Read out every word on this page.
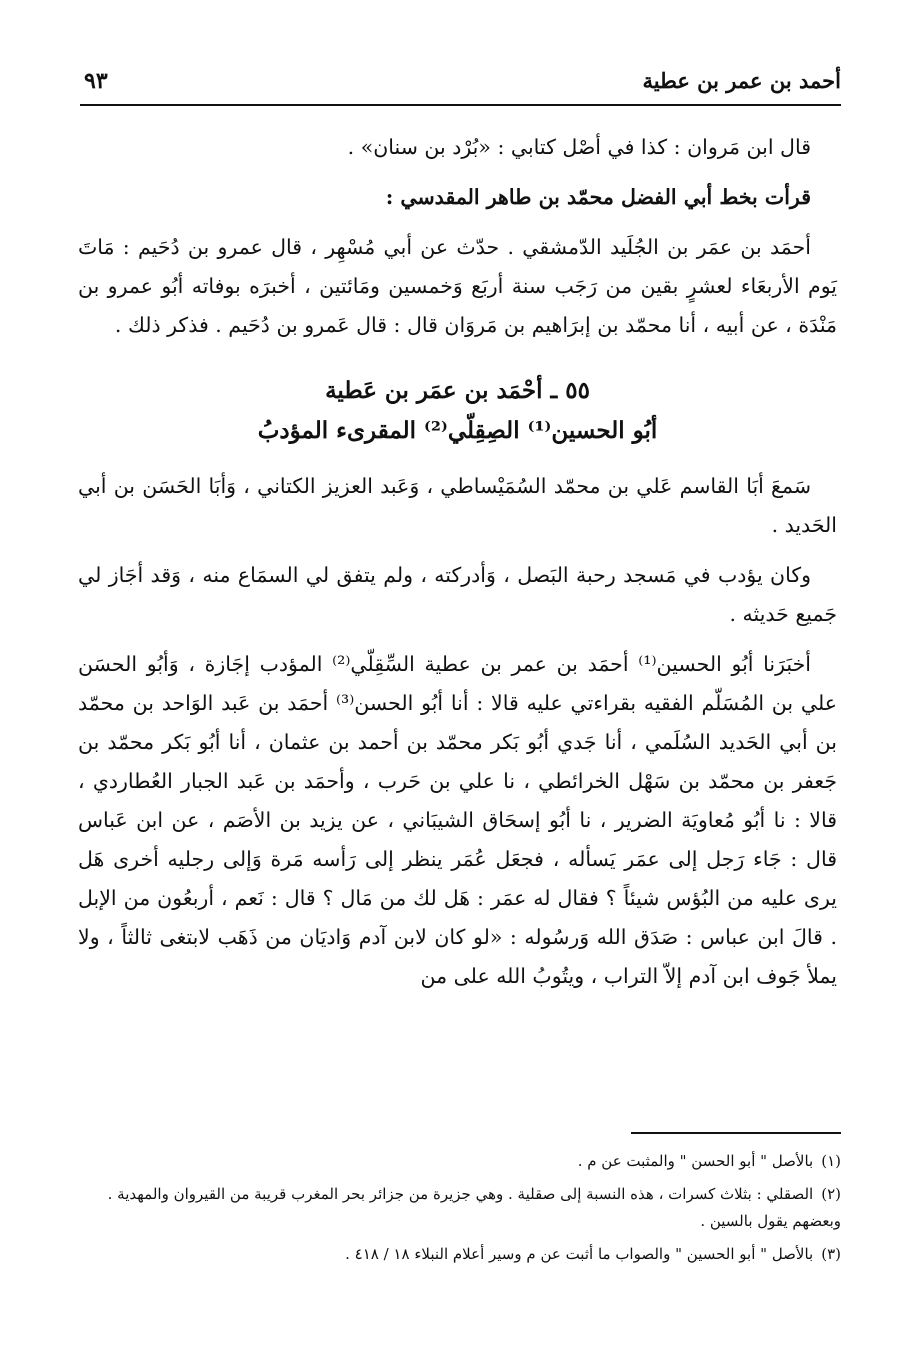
أحمد بن عمر بن عطية
٩٣

قال ابن مَروان : كذا في أصْل كتابي : «بُرْد بن سنان» .

قرأت بخط أبي الفضل محمّد بن طاهر المقدسي :

أحمَد بن عمَر بن الجُلَيد الدّمشقي . حدّث عن أبي مُسْهِر ، قال عمرو بن دُحَيم : مَاتَ يَوم الأربعَاء لعشرٍ بقين من رَجَب سنة أربَع وَخمسين ومَائتين ، أخبرَه بوفاته أبُو عمرو بن مَنْدَة ، عن أبيه ، أنا محمّد بن إبرَاهيم بن مَروَان قال : قال عَمرو بن دُحَيم . فذكر ذلك .

٥٥ ـ أحْمَد بن عمَر بن عَطية
أبُو الحسين⁽¹⁾ الصِقِلّي⁽²⁾ المقرىء المؤدبُ

سَمعَ أبَا القاسم عَلي بن محمّد السُمَيْساطي ، وَعَبد العزيز الكتاني ، وَأبَا الحَسَن بن أبي الحَديد .

وكان يؤدب في مَسجد رحبة البَصل ، وَأدركته ، ولم يتفق لي السمَاع منه ، وَقد أجَاز لي جَميع حَديثه .

أخبَرَنا أبُو الحسين⁽¹⁾ أحمَد بن عمر بن عطية السِّقِلّي⁽²⁾ المؤدب إجَازة ، وَأبُو الحسَن علي بن المُسَلّم الفقيه بقراءتي عليه قالا : أنا أبُو الحسن⁽³⁾ أحمَد بن عَبد الوَاحد بن محمّد بن أبي الحَديد السُلَمي ، أنا جَدي أبُو بَكر محمّد بن أحمد بن عثمان ، أنا أبُو بَكر محمّد بن جَعفر بن محمّد بن سَهْل الخرائطي ، نا علي بن حَرب ، وأحمَد بن عَبد الجبار العُطاردي ، قالا : نا أبُو مُعاويَة الضرير ، نا أبُو إسحَاق الشيبَاني ، عن يزيد بن الأصَم ، عن ابن عَباس قال : جَاء رَجل إلى عمَر يَسأله ، فجعَل عُمَر ينظر إلى رَأسه مَرة وَإلى رجليه أخرى هَل يرى عليه من البُؤس شيئاً ؟ فقال له عمَر : هَل لك من مَال ؟ قال : نَعم ، أربعُون من الإبل . قالَ ابن عباس : صَدَق الله وَرسُوله : «لو كان لابن آدم وَاديَان من ذَهَب لابتغى ثالثاً ، ولا يملأ جَوف ابن آدم إلاّ التراب ، ويتُوبُ الله على من

(١)بالأصل " أبو الحسن " والمثبت عن م .

(٢)الصقلي : بثلاث كسرات ، هذه النسبة إلى صقلية . وهي جزيرة من جزائر بحر المغرب قريبة من القيروان والمهدية . وبعضهم يقول بالسين .

(٣)بالأصل " أبو الحسين " والصواب ما أثبت عن م وسير أعلام النبلاء ١٨ / ٤١٨ .
